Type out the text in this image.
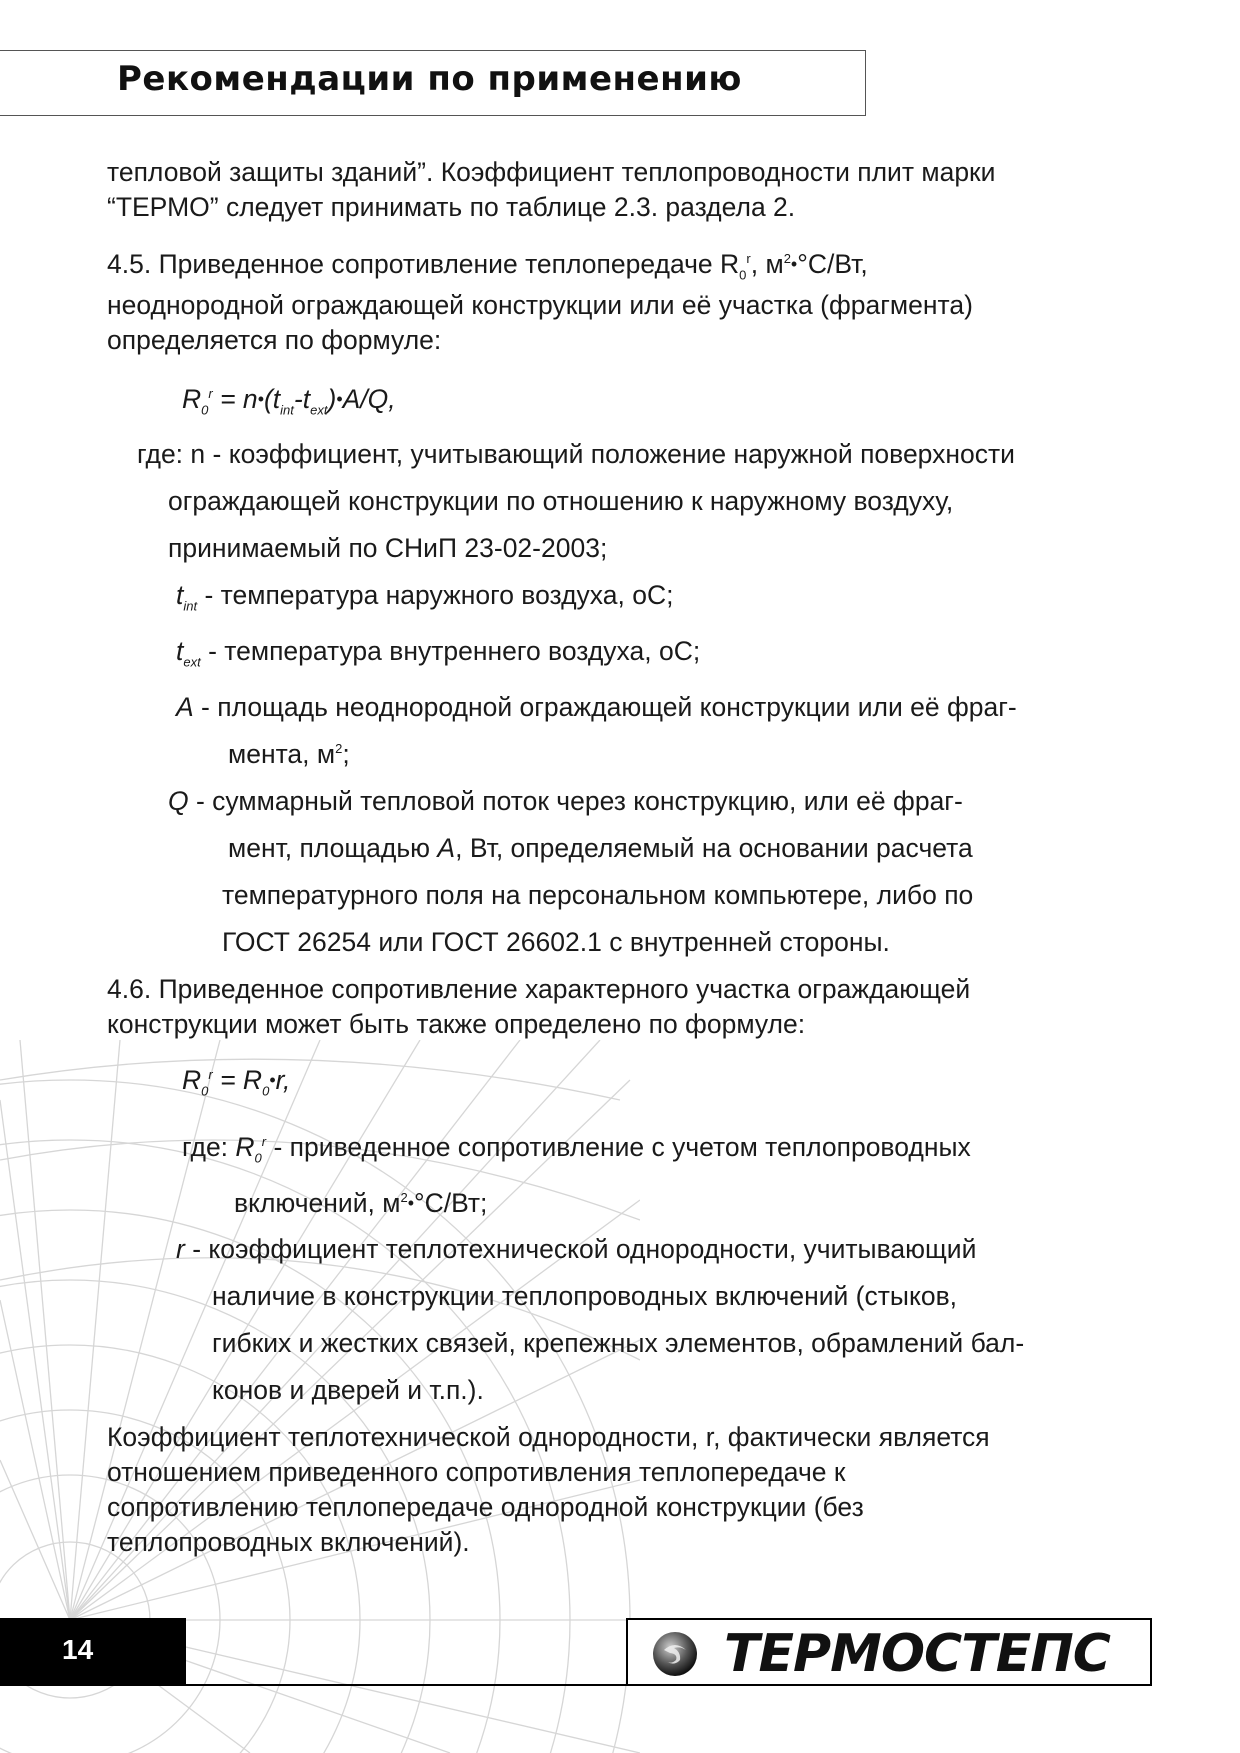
Рекомендации по применению

тепловой защиты зданий”. Коэффициент теплопроводности плит марки

“ТЕРМО” следует принимать по таблице 2.3. раздела 2.

4.5. Приведенное сопротивление теплопередаче $R_0^r$, $м^2•^\circ C/Вт$,

неоднородной ограждающей конструкции или её участка (фрагмента)

определяется по формуле:

$R_0^r$ = $n•(t_{int}-t_{ext})•A/Q$,

где: n - коэффициент, учитывающий положение наружной поверхности

ограждающей конструкции по отношению к наружному воздуху,

принимаемый по СНиП 23-02-2003;

$t_{int}$ - температура наружного воздуха, oC;

$t_{ext}$ - температура внутреннего воздуха, oC;

A - площадь неоднородной ограждающей конструкции или её фраг-

мента, $м^2$;

Q - суммарный тепловой поток через конструкцию, или её фраг-

мент, площадью A, Вт, определяемый на основании расчета

температурного поля на персональном компьютере, либо по

ГОСТ 26254 или ГОСТ 26602.1 с внутренней стороны.

4.6. Приведенное сопротивление характерного участка ограждающей

конструкции может быть также определено по формуле:

$R_0^r$ = $R_0•r$,

где: $R_0^r$ - приведенное сопротивление с учетом теплопроводных

включений, $м^2•^\circ C/Вт$;

r - коэффициент теплотехнической однородности, учитывающий

наличие в конструкции теплопроводных включений (стыков,

гибких и жестких связей, крепежных элементов, обрамлений бал-

конов и дверей и т.п.).

Коэффициент теплотехнической однородности, r, фактически является

отношением приведенного сопротивления теплопередаче к

сопротивлению теплопередаче однородной конструкции (без

теплопроводных включений).

14	ТЕРМОСТЕПС
